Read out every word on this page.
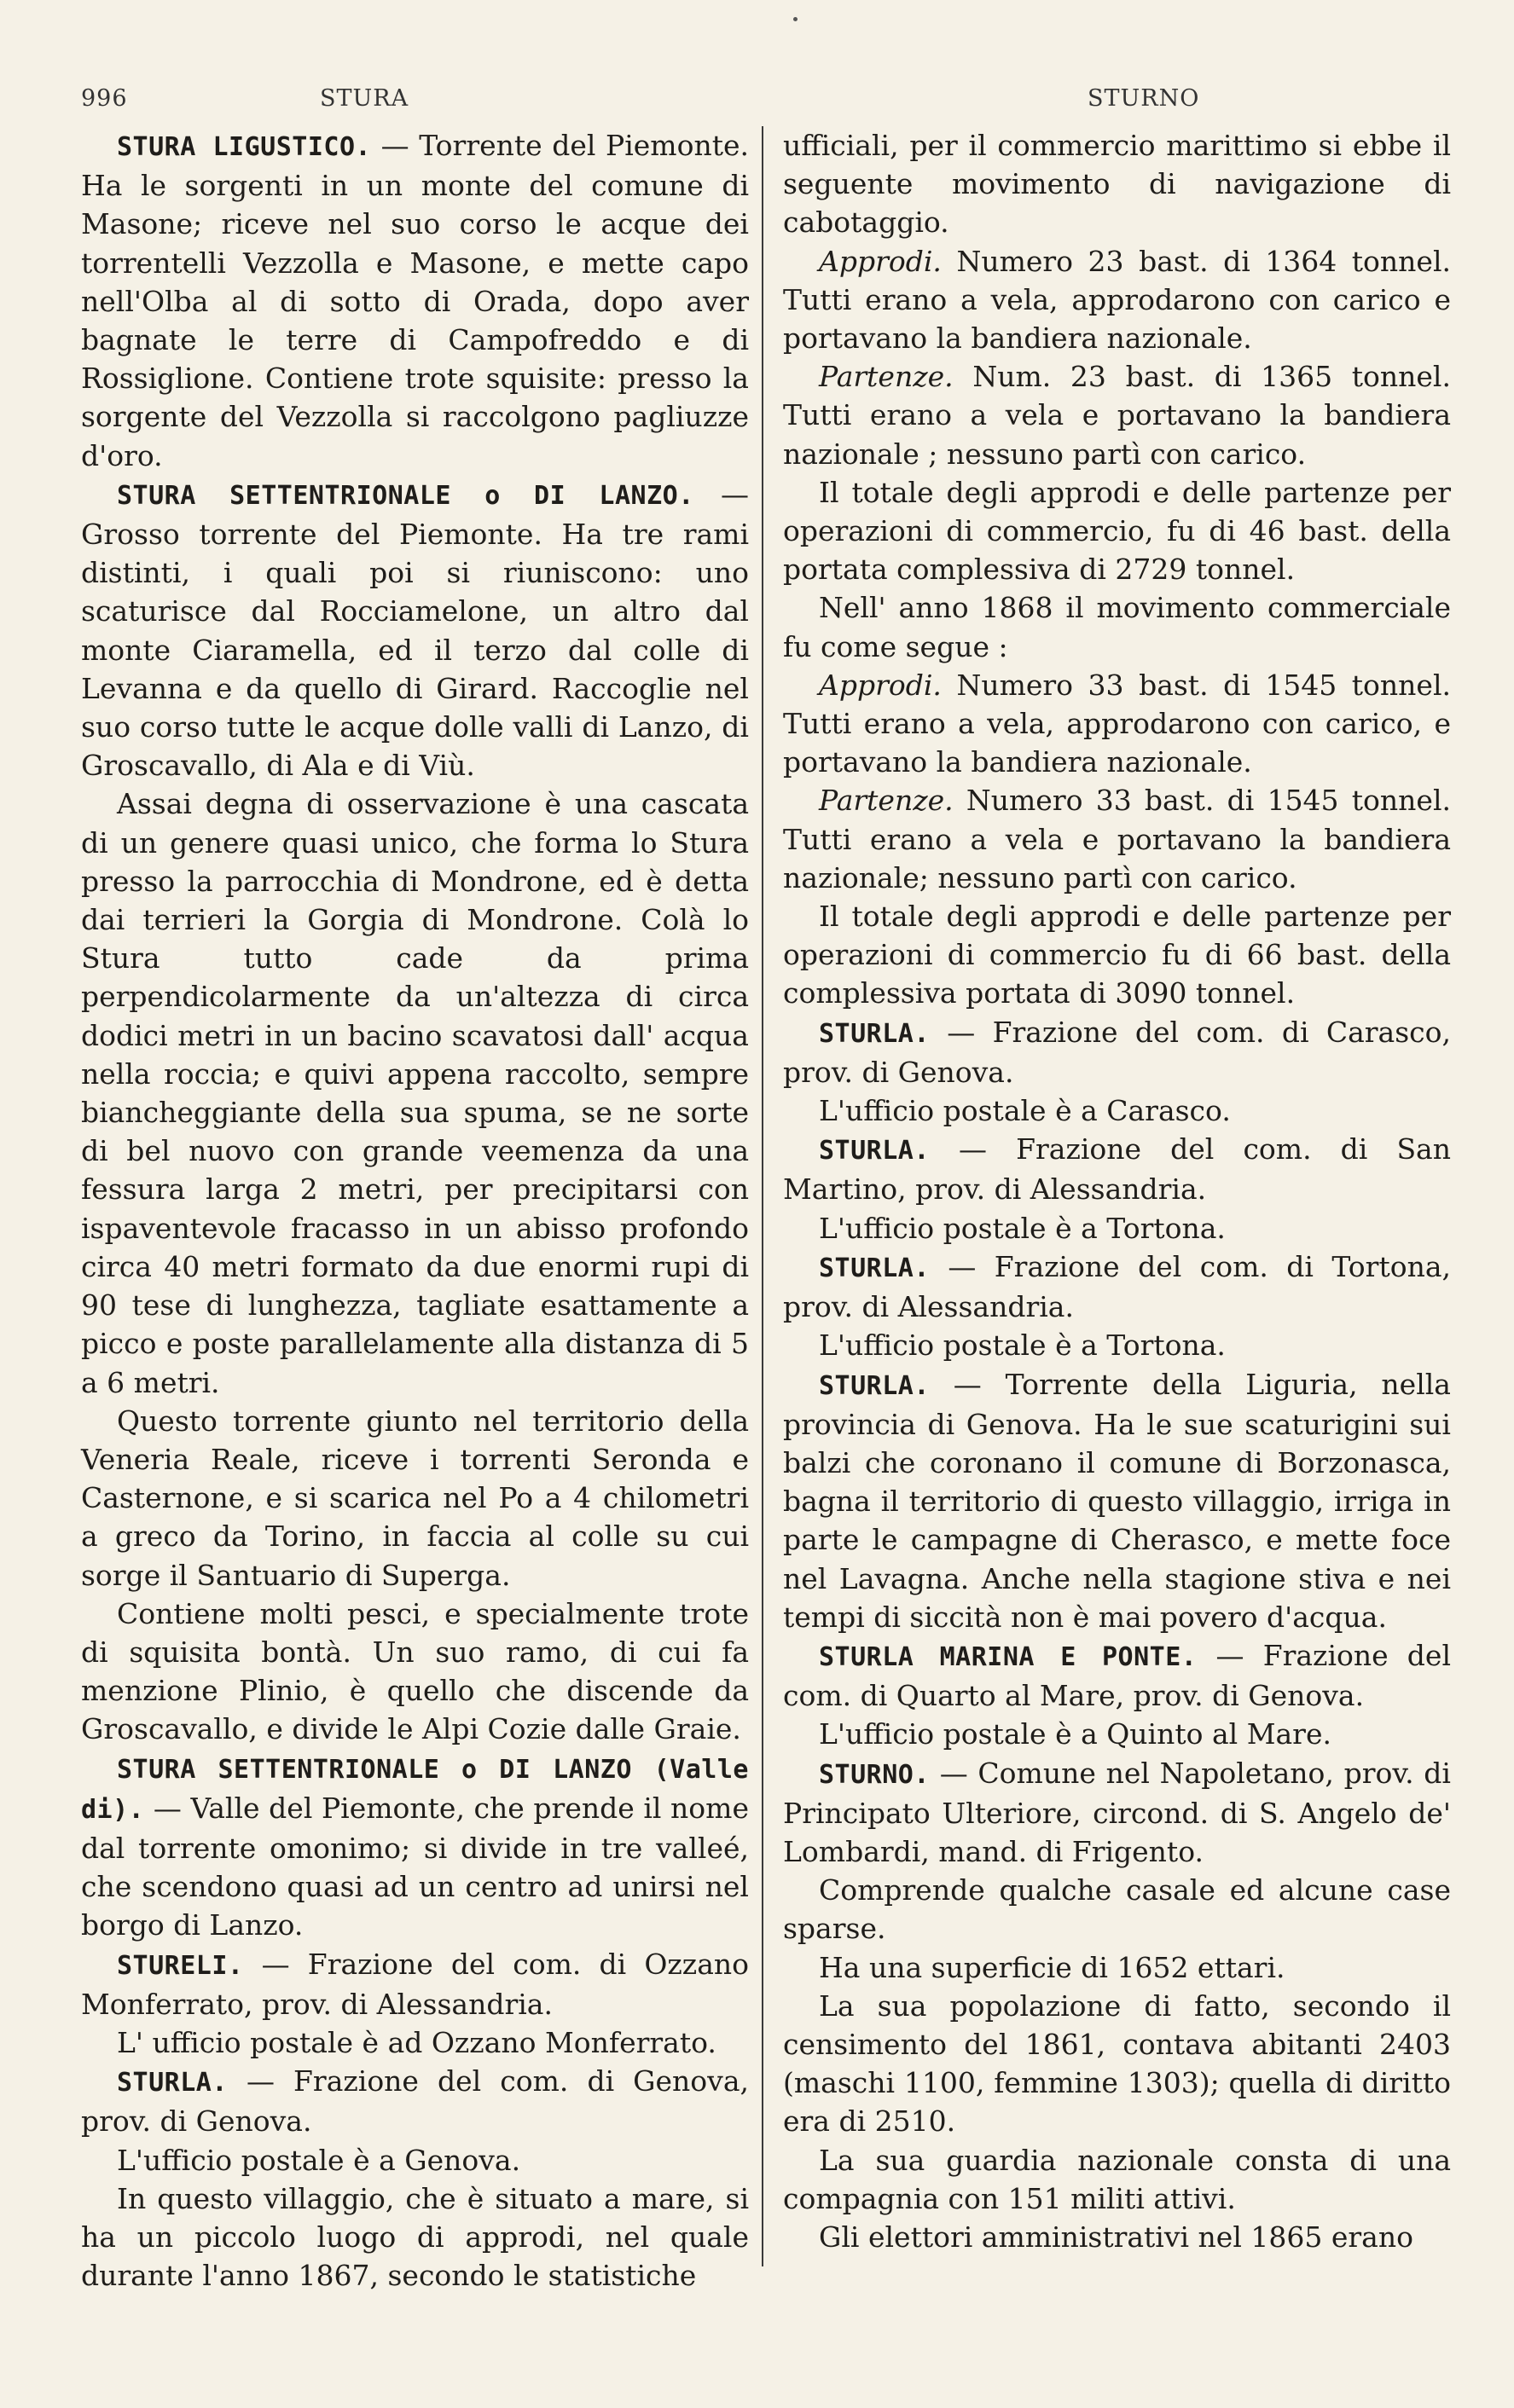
996	STURA	STURNO

STURA LIGUSTICO. — Torrente del Piemonte. Ha le sorgenti in un monte del comune di Masone; riceve nel suo corso le acque dei torrentelli Vezzolla e Masone, e mette capo nell'Olba al di sotto di Orada, dopo aver bagnate le terre di Campofreddo e di Rossiglione. Contiene trote squisite: presso la sorgente del Vezzolla si raccolgono pagliuzze d'oro.

STURA SETTENTRIONALE o DI LANZO. — Grosso torrente del Piemonte. Ha tre rami distinti, i quali poi si riuniscono: uno scaturisce dal Rocciamelone, un altro dal monte Ciaramella, ed il terzo dal colle di Levanna e da quello di Girard. Raccoglie nel suo corso tutte le acque dolle valli di Lanzo, di Groscavallo, di Ala e di Viù.

Assai degna di osservazione è una cascata di un genere quasi unico, che forma lo Stura presso la parrocchia di Mondrone, ed è detta dai terrieri la Gorgia di Mondrone. Colà lo Stura tutto cade da prima perpendicolarmente da un'altezza di circa dodici metri in un bacino scavatosi dall' acqua nella roccia; e quivi appena raccolto, sempre biancheggiante della sua spuma, se ne sorte di bel nuovo con grande veemenza da una fessura larga 2 metri, per precipitarsi con ispaventevole fracasso in un abisso profondo circa 40 metri formato da due enormi rupi di 90 tese di lunghezza, tagliate esattamente a picco e poste parallelamente alla distanza di 5 a 6 metri.

Questo torrente giunto nel territorio della Veneria Reale, riceve i torrenti Seronda e Casternone, e si scarica nel Po a 4 chilometri a greco da Torino, in faccia al colle su cui sorge il Santuario di Superga.

Contiene molti pesci, e specialmente trote di squisita bontà. Un suo ramo, di cui fa menzione Plinio, è quello che discende da Groscavallo, e divide le Alpi Cozie dalle Graie.

STURA SETTENTRIONALE o DI LANZO (Valle di). — Valle del Piemonte, che prende il nome dal torrente omonimo; si divide in tre valleé, che scendono quasi ad un centro ad unirsi nel borgo di Lanzo.

STURELI. — Frazione del com. di Ozzano Monferrato, prov. di Alessandria.

L' ufficio postale è ad Ozzano Monferrato.

STURLA. — Frazione del com. di Genova, prov. di Genova.

L'ufficio postale è a Genova.

In questo villaggio, che è situato a mare, si ha un piccolo luogo di approdi, nel quale durante l'anno 1867, secondo le statistiche

ufficiali, per il commercio marittimo si ebbe il seguente movimento di navigazione di cabotaggio.

Approdi. Numero 23 bast. di 1364 tonnel. Tutti erano a vela, approdarono con carico e portavano la bandiera nazionale.

Partenze. Num. 23 bast. di 1365 tonnel. Tutti erano a vela e portavano la bandiera nazionale ; nessuno partì con carico.

Il totale degli approdi e delle partenze per operazioni di commercio, fu di 46 bast. della portata complessiva di 2729 tonnel.

Nell' anno 1868 il movimento commerciale fu come segue :

Approdi. Numero 33 bast. di 1545 tonnel. Tutti erano a vela, approdarono con carico, e portavano la bandiera nazionale.

Partenze. Numero 33 bast. di 1545 tonnel. Tutti erano a vela e portavano la bandiera nazionale; nessuno partì con carico.

Il totale degli approdi e delle partenze per operazioni di commercio fu di 66 bast. della complessiva portata di 3090 tonnel.

STURLA. — Frazione del com. di Carasco, prov. di Genova.

L'ufficio postale è a Carasco.

STURLA. — Frazione del com. di San Martino, prov. di Alessandria.

L'ufficio postale è a Tortona.

STURLA. — Frazione del com. di Tortona, prov. di Alessandria.

L'ufficio postale è a Tortona.

STURLA. — Torrente della Liguria, nella provincia di Genova. Ha le sue scaturigini sui balzi che coronano il comune di Borzonasca, bagna il territorio di questo villaggio, irriga in parte le campagne di Cherasco, e mette foce nel Lavagna. Anche nella stagione stiva e nei tempi di siccità non è mai povero d'acqua.

STURLA MARINA E PONTE. — Frazione del com. di Quarto al Mare, prov. di Genova.

L'ufficio postale è a Quinto al Mare.

STURNO. — Comune nel Napoletano, prov. di Principato Ulteriore, circond. di S. Angelo de' Lombardi, mand. di Frigento.

Comprende qualche casale ed alcune case sparse.

Ha una superficie di 1652 ettari.

La sua popolazione di fatto, secondo il censimento del 1861, contava abitanti 2403 (maschi 1100, femmine 1303); quella di diritto era di 2510.

La sua guardia nazionale consta di una compagnia con 151 militi attivi.

Gli elettori amministrativi nel 1865 erano
